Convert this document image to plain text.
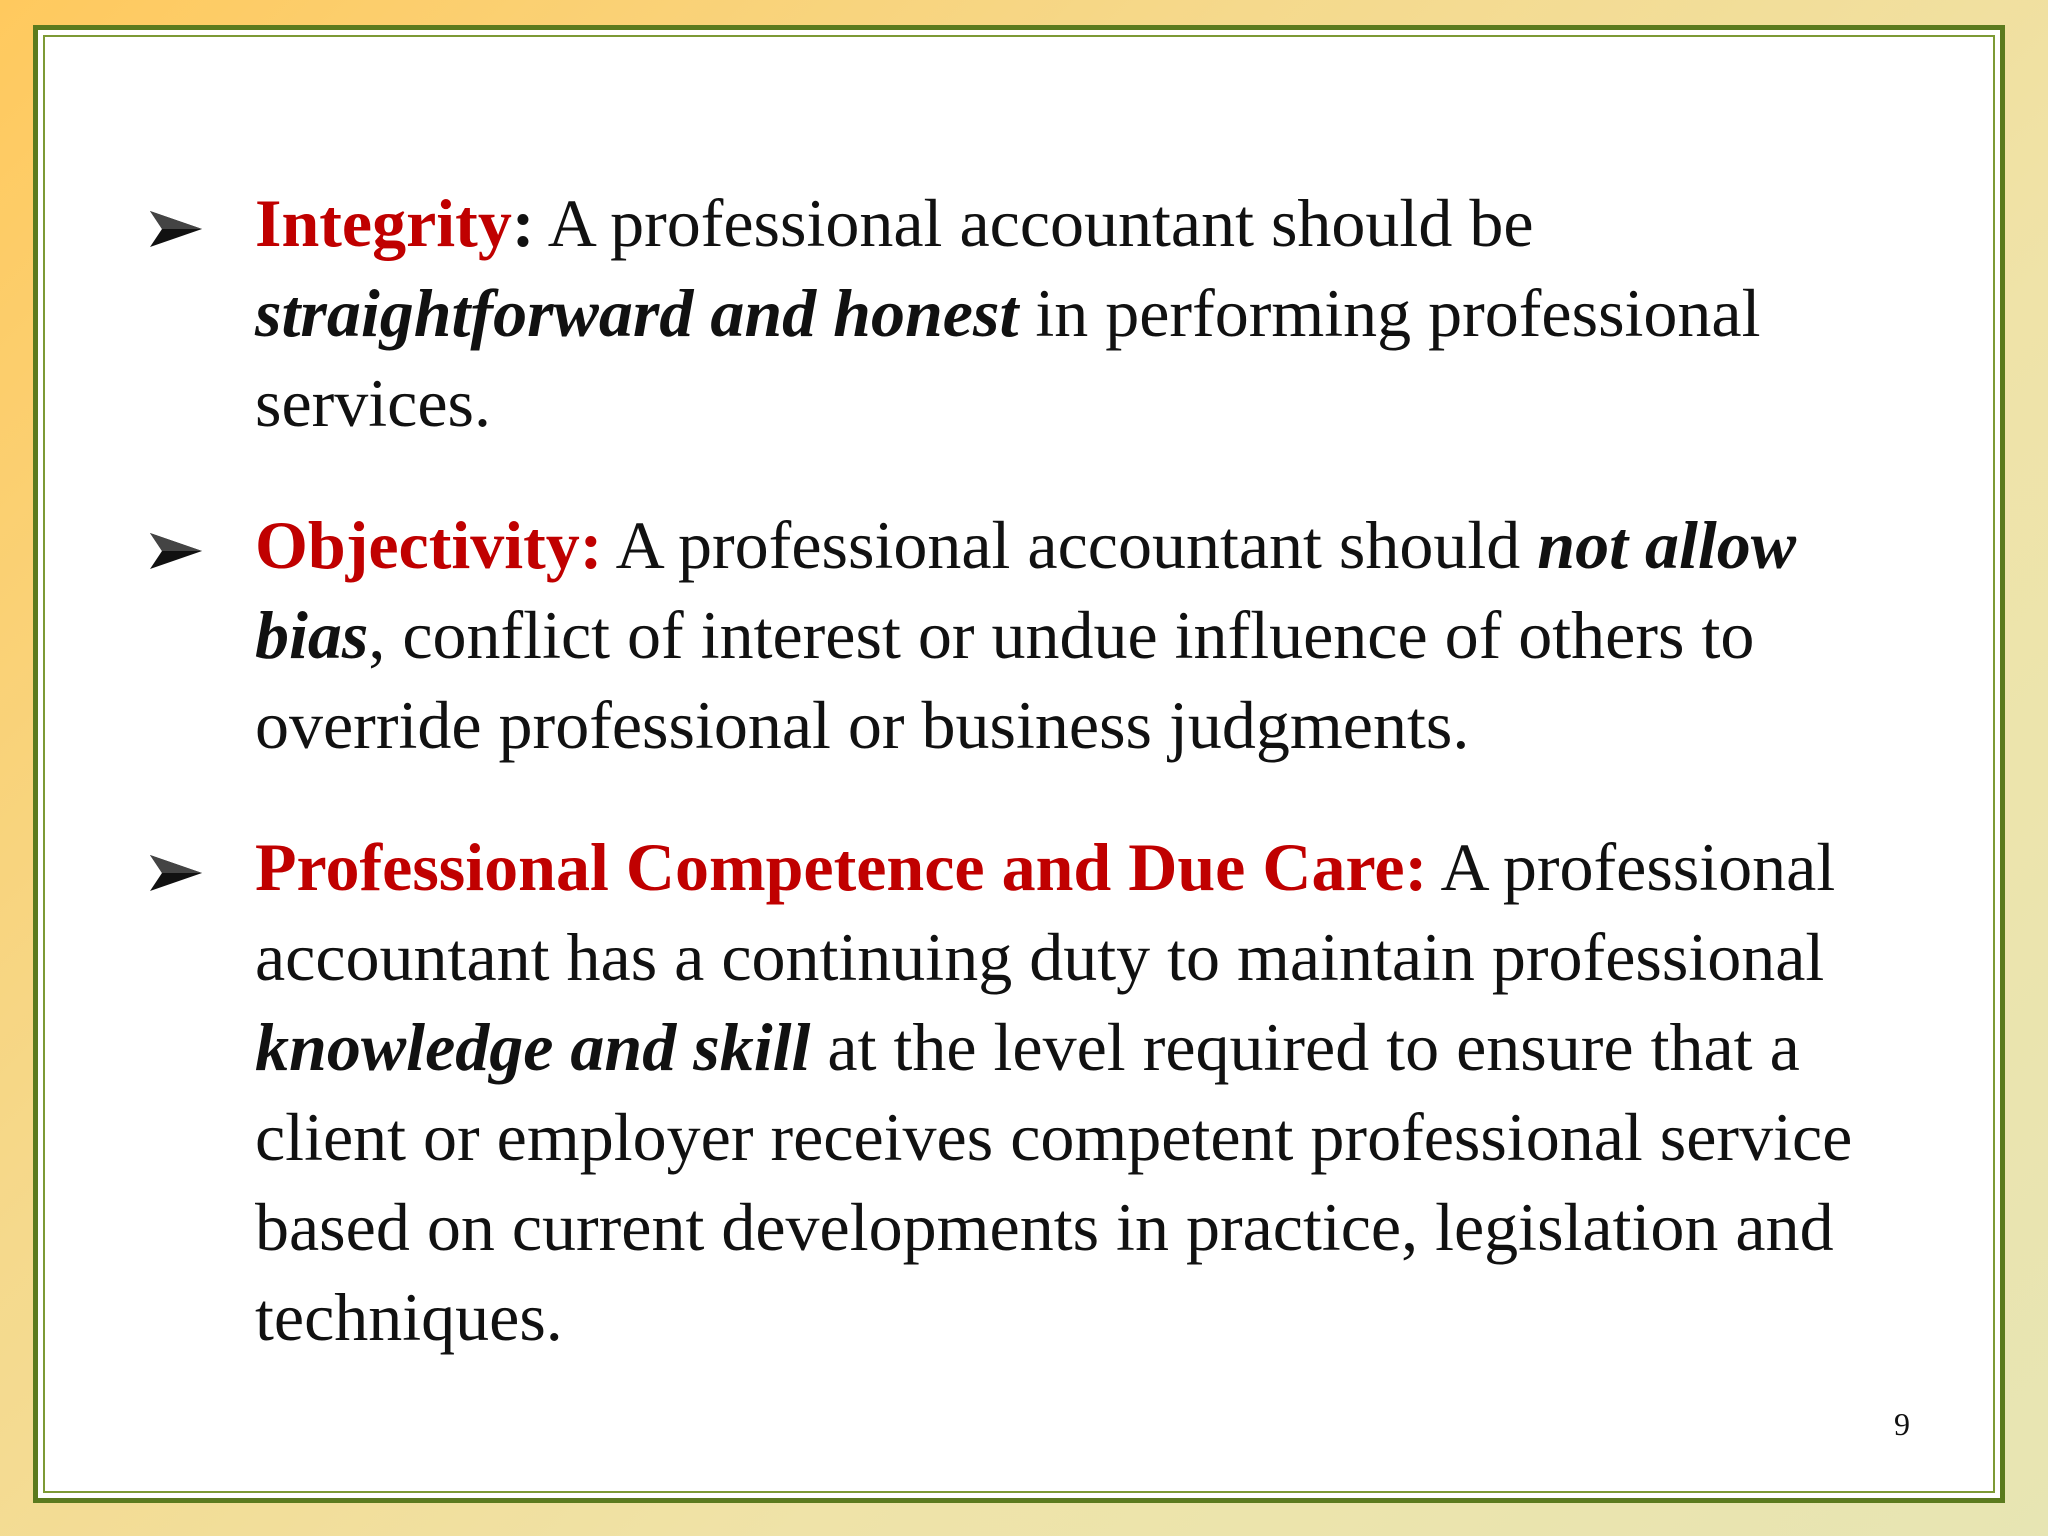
Integrity: A professional accountant should be straightforward and honest in performing professional services.
Objectivity: A professional accountant should not allow bias, conflict of interest or undue influence of others to override professional or business judgments.
Professional Competence and Due Care: A professional accountant has a continuing duty to maintain professional knowledge and skill at the level required to ensure that a client or employer receives competent professional service based on current developments in practice, legislation and techniques.
9
